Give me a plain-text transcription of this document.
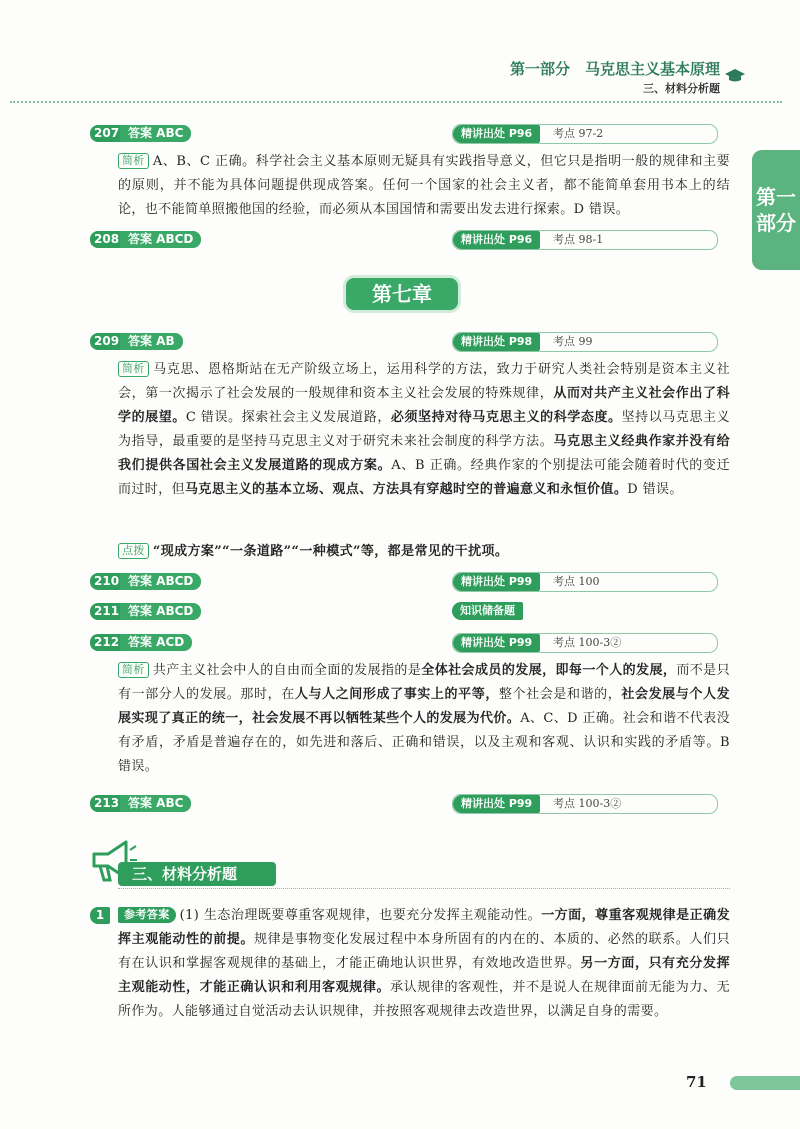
第一部分　马克思主义基本原理
三、材料分析题
第一
部分
207 答案 ABC	精讲出处 P96	考点 97-2
简析 A、B、C 正确。科学社会主义基本原则无疑具有实践指导意义，但它只是指明一般的规律和主要的原则，并不能为具体问题提供现成答案。任何一个国家的社会主义者，都不能简单套用书本上的结论，也不能简单照搬他国的经验，而必须从本国国情和需要出发去进行探索。D 错误。
208 答案 ABCD	精讲出处 P96	考点 98-1
第七章
209 答案 AB	精讲出处 P98	考点 99
简析 马克思、恩格斯站在无产阶级立场上，运用科学的方法，致力于研究人类社会特别是资本主义社会，第一次揭示了社会发展的一般规律和资本主义社会发展的特殊规律，从而对共产主义社会作出了科学的展望。C 错误。探索社会主义发展道路，必须坚持对待马克思主义的科学态度。坚持以马克思主义为指导，最重要的是坚持马克思主义对于研究未来社会制度的科学方法。马克思主义经典作家并没有给我们提供各国社会主义发展道路的现成方案。A、B 正确。经典作家的个别提法可能会随着时代的变迁而过时，但马克思主义的基本立场、观点、方法具有穿越时空的普遍意义和永恒价值。D 错误。
点拨 “现成方案”“一条道路”“一种模式”等，都是常见的干扰项。
210 答案 ABCD	精讲出处 P99	考点 100
211 答案 ABCD	知识储备题
212 答案 ACD	精讲出处 P99	考点 100-3②
简析 共产主义社会中人的自由而全面的发展指的是全体社会成员的发展，即每一个人的发展，而不是只有一部分人的发展。那时，在人与人之间形成了事实上的平等，整个社会是和谐的，社会发展与个人发展实现了真正的统一，社会发展不再以牺牲某些个人的发展为代价。A、C、D 正确。社会和谐不代表没有矛盾，矛盾是普遍存在的，如先进和落后、正确和错误，以及主观和客观、认识和实践的矛盾等。B 错误。
213 答案 ABC	精讲出处 P99	考点 100-3②
三、材料分析题
1	参考答案 (1) 生态治理既要尊重客观规律，也要充分发挥主观能动性。一方面，尊重客观规律是正确发挥主观能动性的前提。规律是事物变化发展过程中本身所固有的内在的、本质的、必然的联系。人们只有在认识和掌握客观规律的基础上，才能正确地认识世界，有效地改造世界。另一方面，只有充分发挥主观能动性，才能正确认识和利用客观规律。承认规律的客观性，并不是说人在规律面前无能为力、无所作为。人能够通过自觉活动去认识规律，并按照客观规律去改造世界，以满足自身的需要。
71
